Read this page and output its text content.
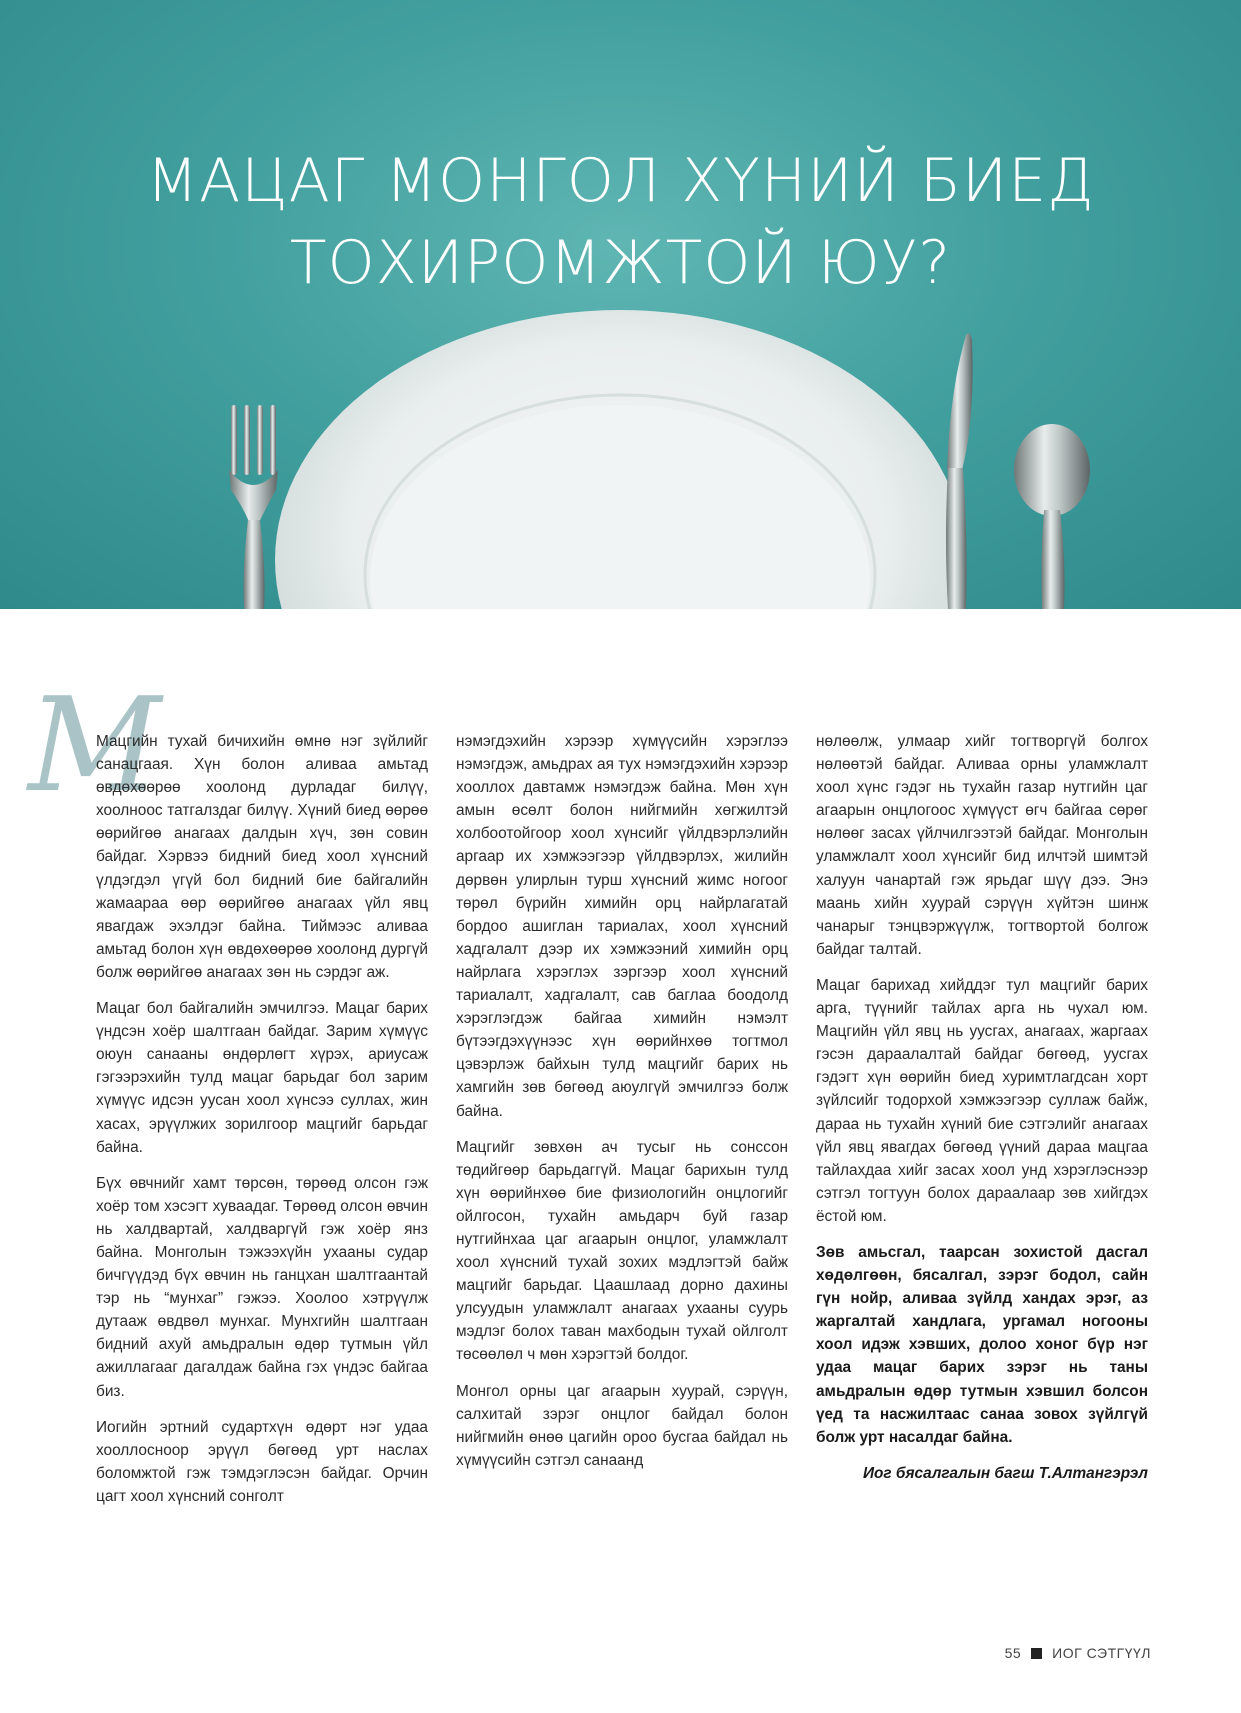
МАЦАГ МОНГОЛ ХҮНИЙ БИЕД
ТОХИРОМЖТОЙ ЮУ?
М

Мацгийн тухай бичихийн өмнө нэг зүйлийг санацгаая. Хүн болон аливаа амьтад өвдөхөөрөө хоолонд дурладаг билүү, хоолноос татгалздаг билүү. Хүний биед өөрөө өөрийгөө анагаах далдын хүч, зөн совин байдаг. Хэрвээ бидний биед хоол хүнсний үлдэгдэл үгүй бол бидний бие байгалийн жамаараа өөр өөрийгөө анагаах үйл явц явагдаж эхэлдэг байна. Тиймээс аливаа амьтад болон хүн өвдөхөөрөө хоолонд дургүй болж өөрийгөө анагаах зөн нь сэрдэг аж.

Мацаг бол байгалийн эмчилгээ. Мацаг барих үндсэн хоёр шалтгаан байдаг. Зарим хүмүүс оюун санааны өндөрлөгт хүрэх, ариусаж гэгээрэхийн тулд мацаг барьдаг бол зарим хүмүүс идсэн уусан хоол хүнсээ суллах, жин хасах, эрүүлжих зорилгоор мацгийг барьдаг байна.

Бүх өвчнийг хамт төрсөн, төрөөд олсон гэж хоёр том хэсэгт хуваадаг. Төрөөд олсон өвчин нь халдвартай, халдваргүй гэж хоёр янз байна. Монголын тэжээхүйн ухааны судар бичгүүдэд бүх өвчин нь ганцхан шалтгаантай тэр нь “мунхаг” гэжээ. Хоолоо хэтрүүлж дутааж өвдвөл мунхаг. Мунхгийн шалтгаан бидний ахуй амьдралын өдөр тутмын үйл ажиллагааг дагалдаж байна гэх үндэс байгаа биз.

Иогийн эртний судартхүн өдөрт нэг удаа хооллосноор эрүүл бөгөөд урт наслах боломжтой гэж тэмдэглэсэн байдаг. Орчин цагт хоол хүнсний сонголт

нэмэгдэхийн хэрээр хүмүүсийн хэрэглээ нэмэгдэж, амьдрах ая тух нэмэгдэхийн хэрээр хооллох давтамж нэмэгдэж байна. Мөн хүн амын өсөлт болон нийгмийн хөгжилтэй холбоотойгоор хоол хүнсийг үйлдвэрлэлийн аргаар их хэмжээгээр үйлдвэрлэх, жилийн дөрвөн улирлын турш хүнсний жимс ногоог төрөл бүрийн химийн орц найрлагатай бордоо ашиглан тариалах, хоол хүнсний хадгалалт дээр их хэмжээний химийн орц найрлага хэрэглэх зэргээр хоол хүнсний тариалалт, хадгалалт, сав баглаа боодолд хэрэглэгдэж байгаа химийн нэмэлт бүтээгдэхүүнээс хүн өөрийнхөө тогтмол цэвэрлэж байхын тулд мацгийг барих нь хамгийн зөв бөгөөд аюулгүй эмчилгээ болж байна.

Мацгийг зөвхөн ач тусыг нь сонссон төдийгөөр барьдаггүй. Мацаг барихын тулд хүн өөрийнхөө бие физиологийн онцлогийг ойлгосон, тухайн амьдарч буй газар нутгийнхаа цаг агаарын онцлог, уламжлалт хоол хүнсний тухай зохих мэдлэгтэй байж мацгийг барьдаг. Цаашлаад дорно дахины улсуудын уламжлалт анагаах ухааны суурь мэдлэг болох таван махбодын тухай ойлголт төсөөлөл ч мөн хэрэгтэй болдог.

Монгол орны цаг агаарын хуурай, сэрүүн, салхитай зэрэг онцлог байдал болон нийгмийн өнөө цагийн ороо бусгаа байдал нь хүмүүсийн сэтгэл санаанд

нөлөөлж, улмаар хийг тогтворгүй болгох нөлөөтэй байдаг. Аливаа орны уламжлалт хоол хүнс гэдэг нь тухайн газар нутгийн цаг агаарын онцлогоос хүмүүст өгч байгаа сөрөг нөлөөг засах үйлчилгээтэй байдаг. Монголын уламжлалт хоол хүнсийг бид илчтэй шимтэй халуун чанартай гэж ярьдаг шүү дээ. Энэ маань хийн хуурай сэрүүн хүйтэн шинж чанарыг тэнцвэржүүлж, тогтвортой болгож байдаг талтай.

Мацаг барихад хийддэг тул мацгийг барих арга, түүнийг тайлах арга нь чухал юм. Мацгийн үйл явц нь уусгах, анагаах, жаргаах гэсэн дараалалтай байдаг бөгөөд, уусгах гэдэгт хүн өөрийн биед хуримтлагдсан хорт зүйлсийг тодорхой хэмжээгээр суллаж байж, дараа нь тухайн хүний бие сэтгэлийг анагаах үйл явц явагдах бөгөөд үүний дараа мацгаа тайлахдаа хийг засах хоол унд хэрэглэснээр сэтгэл тогтуун болох дараалаар зөв хийгдэх ёстой юм.

Зөв амьсгал, таарсан зохистой дасгал хөдөлгөөн, бясалгал, зэрэг бодол, сайн гүн нойр, аливаа зүйлд хандах эрэг, аз жаргалтай хандлага, ургамал ногооны хоол идэж хэвших, долоо хоног бүр нэг удаа мацаг барих зэрэг нь таны амьдралын өдөр тутмын хэвшил болсон үед та насжилтаас санаа зовох зүйлгүй болж урт насалдаг байна.

Иог бясалгалын багш Т.Алтангэрэл

55 ИОГ СЭТГҮҮЛ
